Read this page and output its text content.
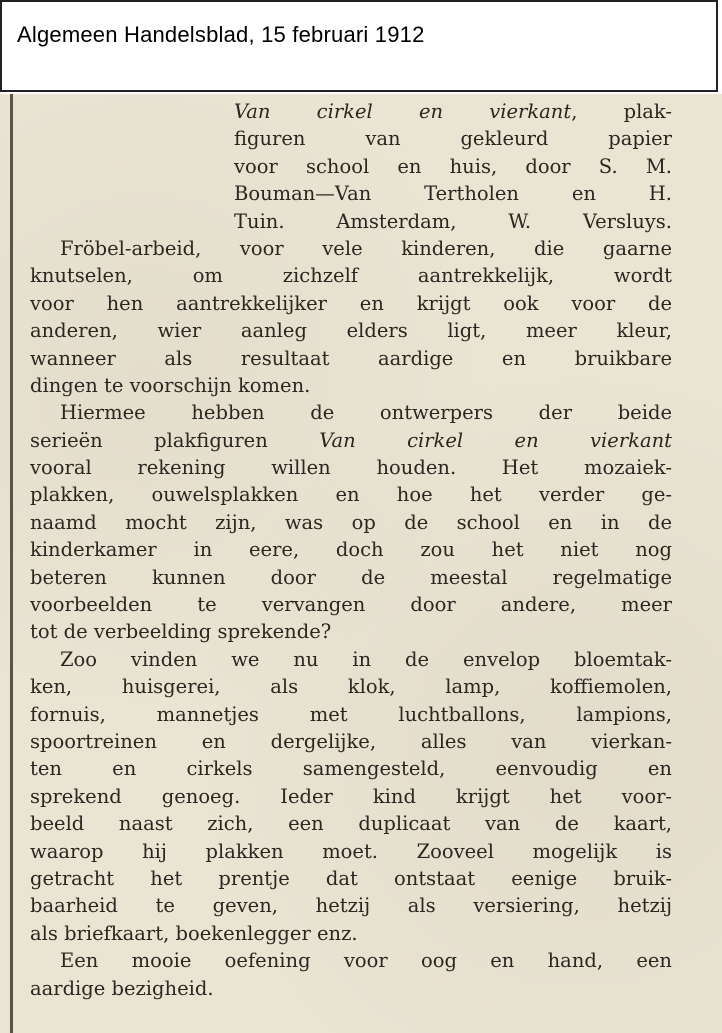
Algemeen Handelsblad, 15 februari 1912
Van cirkel en vierkant, plak-
figuren van gekleurd papier
voor school en huis, door S. M.
Bouman—Van Tertholen en H.
Tuin. Amsterdam, W. Versluys.
Fröbel-arbeid, voor vele kinderen, die gaarne
knutselen, om zichzelf aantrekkelijk, wordt
voor hen aantrekkelijker en krijgt ook voor de
anderen, wier aanleg elders ligt, meer kleur,
wanneer als resultaat aardige en bruikbare
dingen te voorschijn komen.
Hiermee hebben de ontwerpers der beide
serieën plakfiguren Van cirkel en vierkant
vooral rekening willen houden. Het mozaiek-
plakken, ouwelsplakken en hoe het verder ge-
naamd mocht zijn, was op de school en in de
kinderkamer in eere, doch zou het niet nog
beteren kunnen door de meestal regelmatige
voorbeelden te vervangen door andere, meer
tot de verbeelding sprekende?
Zoo vinden we nu in de envelop bloemtak-
ken, huisgerei, als klok, lamp, koffiemolen,
fornuis, mannetjes met luchtballons, lampions,
spoortreinen en dergelijke, alles van vierkan-
ten en cirkels samengesteld, eenvoudig en
sprekend genoeg. Ieder kind krijgt het voor-
beeld naast zich, een duplicaat van de kaart,
waarop hij plakken moet. Zooveel mogelijk is
getracht het prentje dat ontstaat eenige bruik-
baarheid te geven, hetzij als versiering, hetzij
als briefkaart, boekenlegger enz.
Een mooie oefening voor oog en hand, een
aardige bezigheid.
